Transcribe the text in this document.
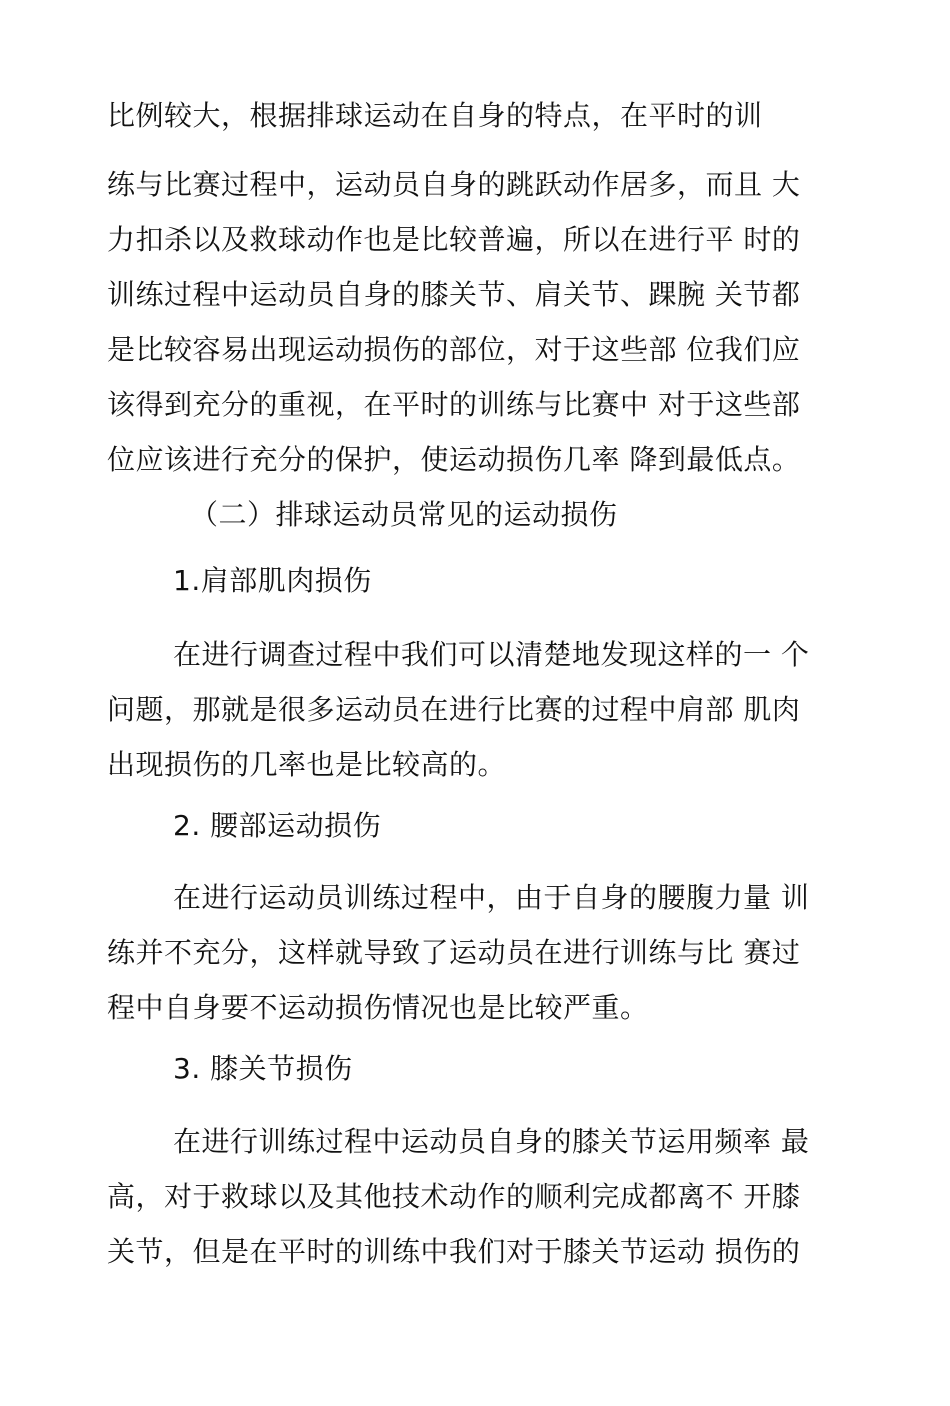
比例较大，根据排球运动在自身的特点，在平时的训
练与比赛过程中，运动员自身的跳跃动作居多，而且 大
力扣杀以及救球动作也是比较普遍，所以在进行平 时的
训练过程中运动员自身的膝关节、肩关节、踝腕 关节都
是比较容易出现运动损伤的部位，对于这些部 位我们应
该得到充分的重视，在平时的训练与比赛中 对于这些部
位应该进行充分的保护，使运动损伤几率 降到最低点。
（二）排球运动员常见的运动损伤
1.肩部肌肉损伤
在进行调查过程中我们可以清楚地发现这样的一 个
问题，那就是很多运动员在进行比赛的过程中肩部 肌肉
出现损伤的几率也是比较高的。
2. 腰部运动损伤
在进行运动员训练过程中，由于自身的腰腹力量 训
练并不充分，这样就导致了运动员在进行训练与比 赛过
程中自身要不运动损伤情况也是比较严重。
3. 膝关节损伤
在进行训练过程中运动员自身的膝关节运用频率 最
高，对于救球以及其他技术动作的顺利完成都离不 开膝
关节，但是在平时的训练中我们对于膝关节运动 损伤的
